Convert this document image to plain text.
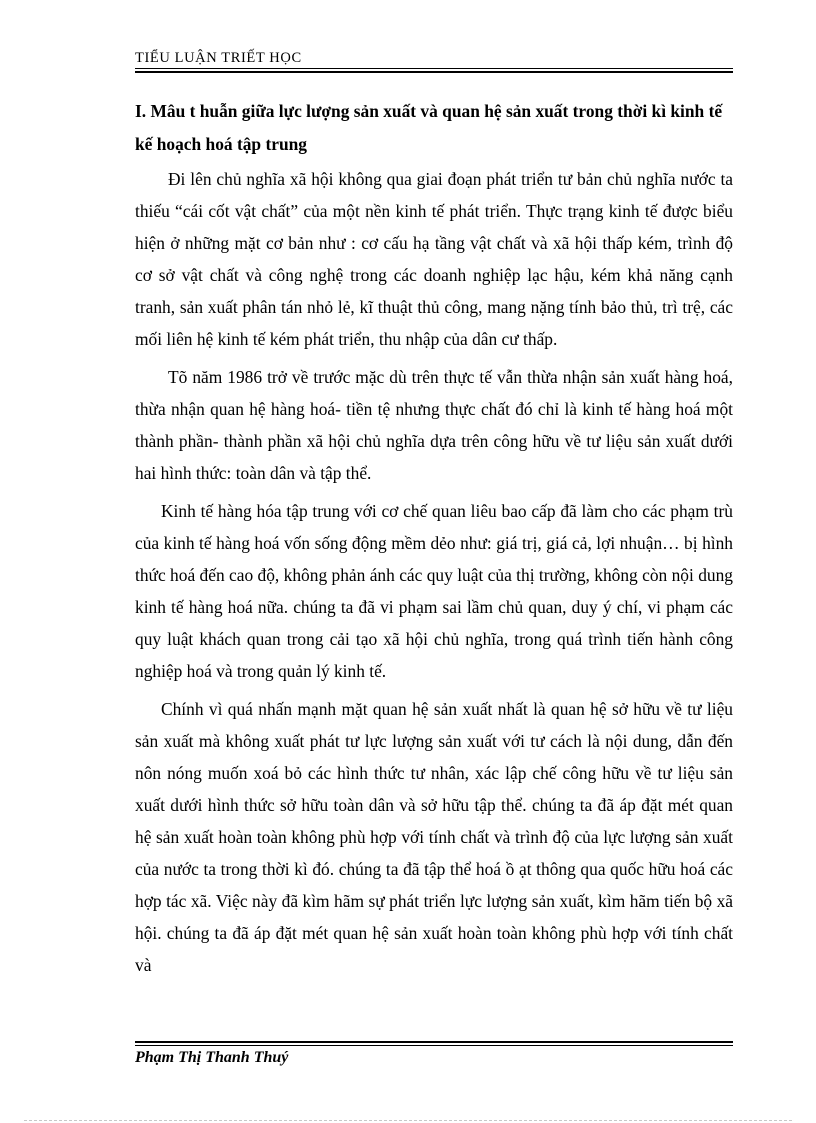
TIỂU LUẬN TRIẾT HỌC
I. Mâu t huẫn giữa lực lượng sản xuất và quan hệ sản xuất trong thời kì kinh tế kế hoạch hoá tập trung

Đi lên chủ nghĩa xã hội không qua giai đoạn phát triển tư bản chủ nghĩa nước ta thiếu “cái cốt vật chất” của một nền kinh tế phát triển. Thực trạng kinh tế được biểu hiện ở những mặt cơ bản như : cơ cấu hạ tầng vật chất và xã hội thấp kém, trình độ cơ sở vật chất và công nghệ trong các doanh nghiệp lạc hậu, kém khả năng cạnh tranh, sản xuất phân tán nhỏ lẻ, kĩ thuật thủ công, mang nặng tính bảo thủ, trì trệ, các mối liên hệ kinh tế kém phát triển, thu nhập của dân cư thấp.

Tõ năm 1986 trở về trước mặc dù trên thực tế vẫn thừa nhận sản xuất hàng hoá, thừa nhận quan hệ hàng hoá- tiền tệ nhưng thực chất đó chỉ là kinh tế hàng hoá một thành phần- thành phần xã hội chủ nghĩa dựa trên công hữu về tư liệu sản xuất dưới hai hình thức: toàn dân và tập thể.

Kinh tế hàng hóa tập trung với cơ chế quan liêu bao cấp đã làm cho các phạm trù của kinh tế hàng hoá vốn sống động mềm dẻo như: giá trị, giá cả, lợi nhuận… bị hình thức hoá đến cao độ, không phản ánh các quy luật của thị trường, không còn nội dung kinh tế hàng hoá nữa. chúng ta đã vi phạm sai lầm chủ quan, duy ý chí, vi phạm các quy luật khách quan trong cải tạo xã hội chủ nghĩa, trong quá trình tiến hành công nghiệp hoá và trong quản lý kinh tế.

Chính vì quá nhấn mạnh mặt quan hệ sản xuất nhất là quan hệ sở hữu về tư liệu sản xuất mà không xuất phát tư lực lượng sản xuất với tư cách là nội dung, dẫn đến nôn nóng muốn xoá bỏ các hình thức tư nhân, xác lập chế công hữu về tư liệu sản xuất dưới hình thức sở hữu toàn dân và sở hữu tập thể. chúng ta đã áp đặt mét quan hệ sản xuất hoàn toàn không phù hợp với tính chất và trình độ của lực lượng sản xuất của nước ta trong thời kì đó. chúng ta đã tập thể hoá ồ ạt thông qua quốc hữu hoá các hợp tác xã. Việc này đã kìm hãm sự phát triển lực lượng sản xuất, kìm hãm tiến bộ xã hội. chúng ta đã áp đặt mét quan hệ sản xuất hoàn toàn không phù hợp với tính chất và

Phạm Thị Thanh Thuý
